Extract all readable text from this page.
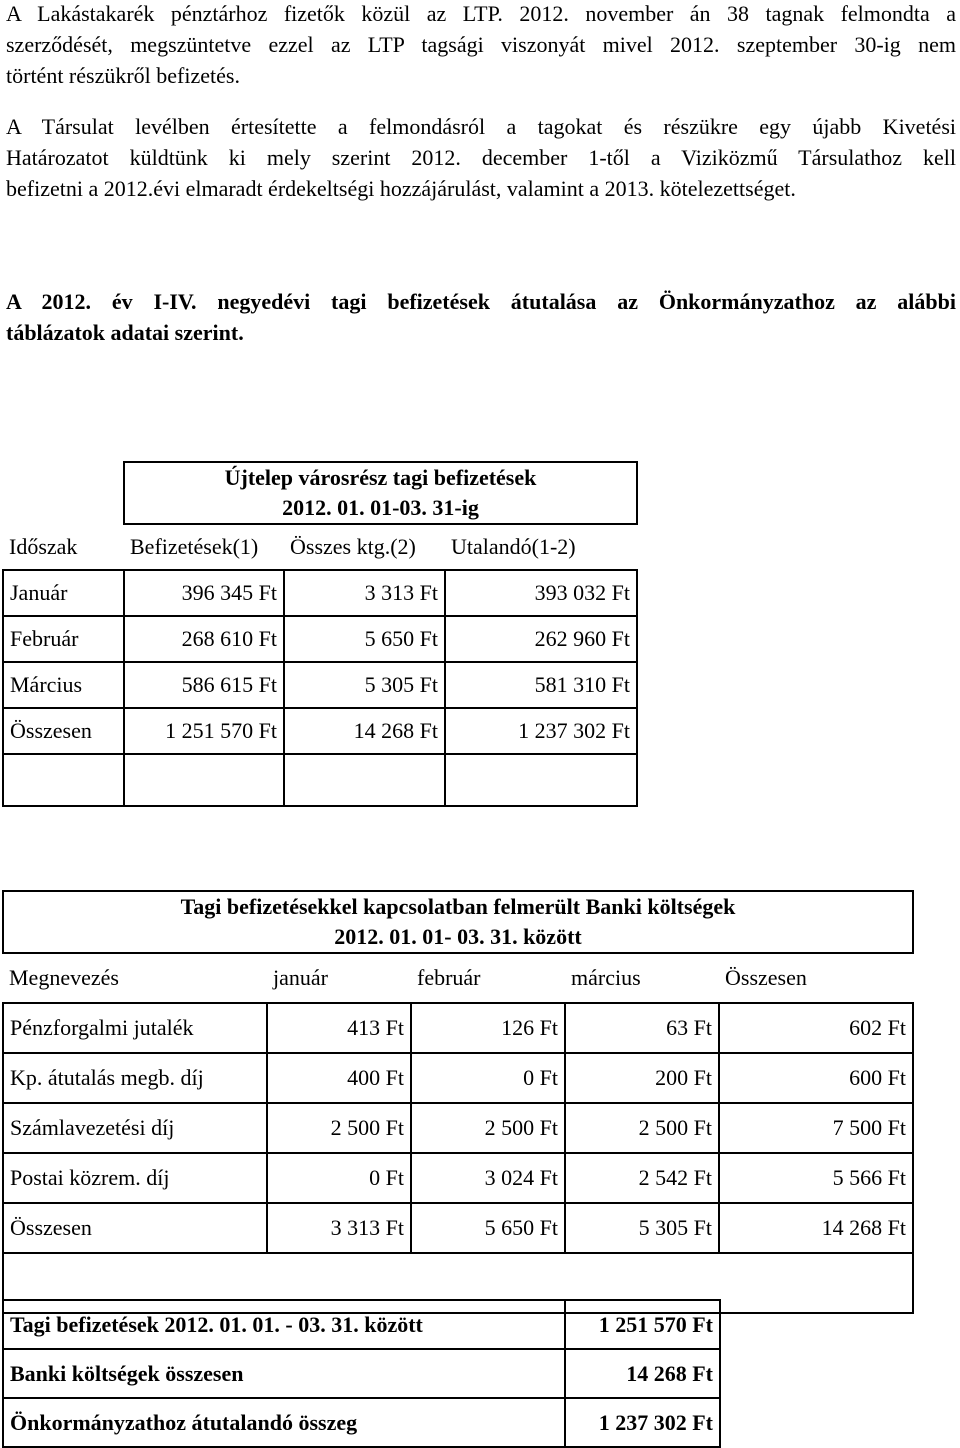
A Lakástakarék pénztárhoz fizetők közül az LTP. 2012. november án 38 tagnak felmondta a
szerződését, megszüntetve ezzel az LTP tagsági viszonyát mivel 2012. szeptember 30-ig nem
történt részükről befizetés.

A Társulat levélben értesítette a felmondásról a tagokat és részükre egy újabb Kivetési
Határozatot küldtünk ki mely szerint 2012. december 1-től a Viziközmű Társulathoz kell
befizetni a 2012.évi elmaradt érdekeltségi hozzájárulást, valamint a 2013. kötelezettséget.

A 2012. év I-IV. negyedévi tagi befizetések átutalása az Önkormányzathoz az alábbi
táblázatok adatai szerint.

	Újtelep városrész tagi befizetések		
	2012. 01. 01-03. 31-ig		
Időszak	Befizetések(1)	Összes ktg.(2)	Utalandó(1-2)
Január	396 345 Ft	3 313 Ft	393 032 Ft
Február	268 610 Ft	5 650 Ft	262 960 Ft
Március	586 615 Ft	5 305 Ft	581 310 Ft
Összesen	1 251 570 Ft	14 268 Ft	1 237 302 Ft

Tagi befizetésekkel kapcsolatban felmerült Banki költségek				
2012. 01. 01- 03. 31. között				
Megnevezés	január	február	március	Összesen
Pénzforgalmi jutalék	413 Ft	126 Ft	63 Ft	602 Ft
Kp. átutalás megb. díj	400 Ft	0 Ft	200 Ft	600 Ft
Számlavezetési díj	2 500 Ft	2 500 Ft	2 500 Ft	7 500 Ft
Postai közrem. díj	0 Ft	3 024 Ft	2 542 Ft	5 566 Ft
Összesen	3 313 Ft	5 650 Ft	5 305 Ft	14 268 Ft

Tagi befizetések 2012. 01. 01. - 03. 31. között	1 251 570 Ft
Banki költségek összesen	14 268 Ft
Önkormányzathoz átutalandó összeg	1 237 302 Ft
